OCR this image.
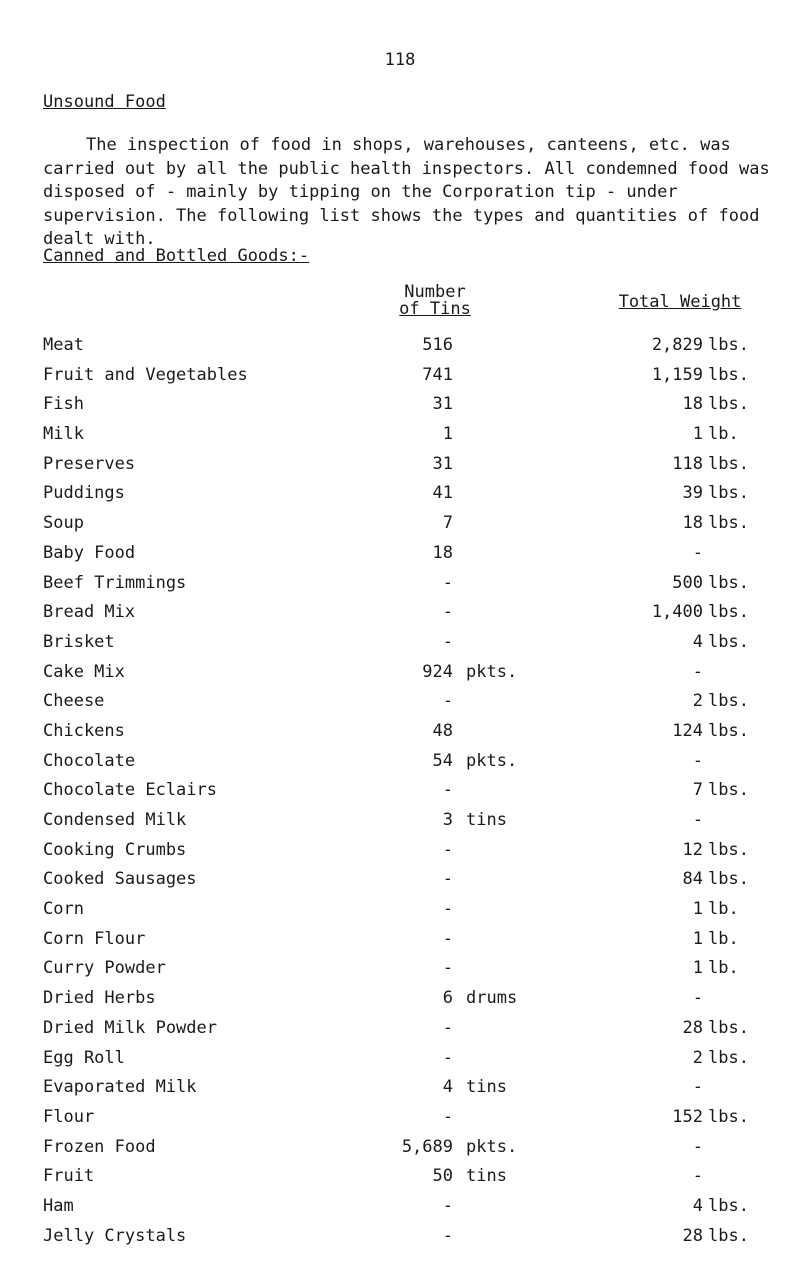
118
Unsound Food

The inspection of food in shops, warehouses, canteens, etc. was carried out by all the public health inspectors. All condemned food was disposed of - mainly by tipping on the Corporation tip - under supervision. The following list shows the types and quantities of food dealt with.

Canned and Bottled Goods:-
Number
of Tins	Total Weight
Meat	516	2,829 lbs.
Fruit and Vegetables	741	1,159 lbs.
Fish	31	18 lbs.
Milk	1	1 lb.
Preserves	31	118 lbs.
Puddings	41	39 lbs.
Soup	7	18 lbs.
Baby Food	18	-
Beef Trimmings	-	500 lbs.
Bread Mix	-	1,400 lbs.
Brisket	-	4 lbs.
Cake Mix	924 pkts.	-
Cheese	-	2 lbs.
Chickens	48	124 lbs.
Chocolate	54 pkts.	-
Chocolate Eclairs	-	7 lbs.
Condensed Milk	3 tins	-
Cooking Crumbs	-	12 lbs.
Cooked Sausages	-	84 lbs.
Corn	-	1 lb.
Corn Flour	-	1 lb.
Curry Powder	-	1 lb.
Dried Herbs	6 drums	-
Dried Milk Powder	-	28 lbs.
Egg Roll	-	2 lbs.
Evaporated Milk	4 tins	-
Flour	-	152 lbs.
Frozen Food	5,689 pkts.	-
Fruit	50 tins	-
Ham	-	4 lbs.
Jelly Crystals	-	28 lbs.
